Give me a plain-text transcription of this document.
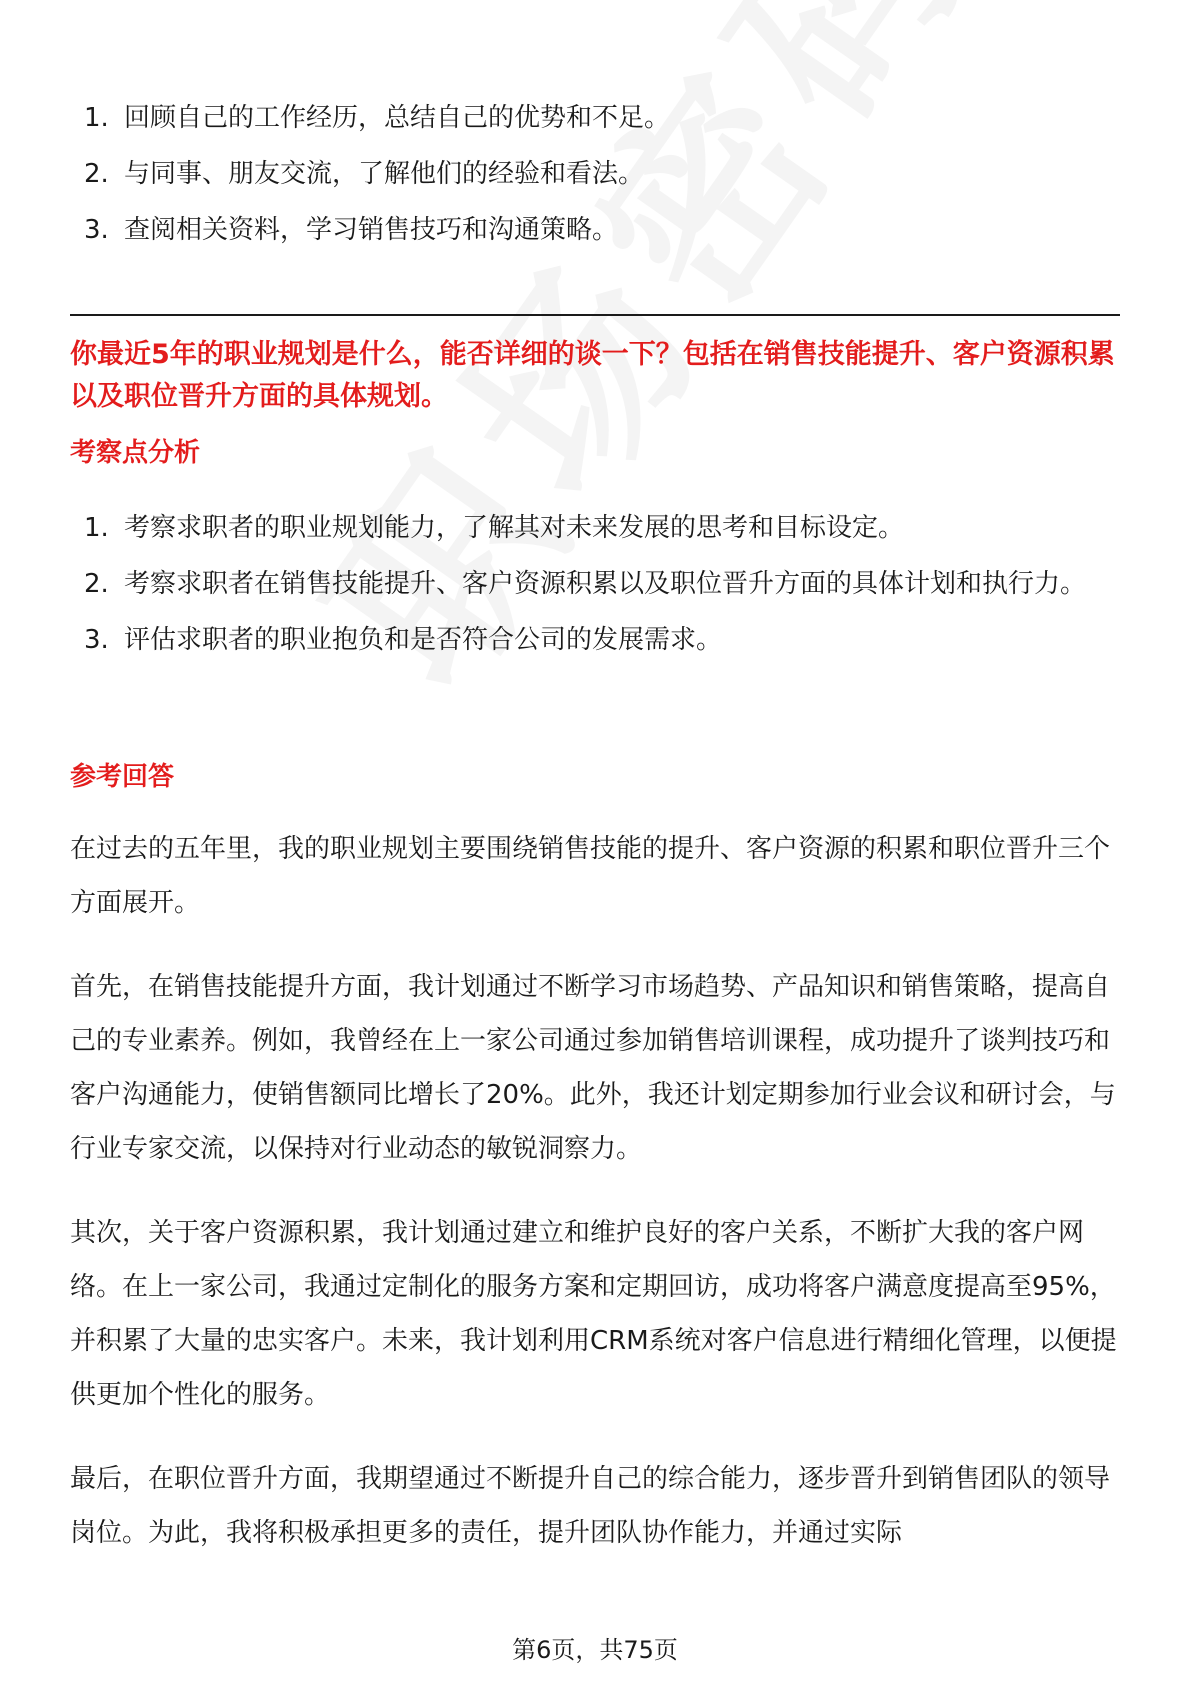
1. 回顾自己的工作经历，总结自己的优势和不足。
2. 与同事、朋友交流，了解他们的经验和看法。
3. 查阅相关资料，学习销售技巧和沟通策略。
你最近5年的职业规划是什么，能否详细的谈一下？包括在销售技能提升、客户资源积累以及职位晋升方面的具体规划。
考察点分析
1. 考察求职者的职业规划能力，了解其对未来发展的思考和目标设定。
2. 考察求职者在销售技能提升、客户资源积累以及职位晋升方面的具体计划和执行力。
3. 评估求职者的职业抱负和是否符合公司的发展需求。
参考回答

在过去的五年里，我的职业规划主要围绕销售技能的提升、客户资源的积累和职位晋升三个方面展开。

首先，在销售技能提升方面，我计划通过不断学习市场趋势、产品知识和销售策略，提高自己的专业素养。例如，我曾经在上一家公司通过参加销售培训课程，成功提升了谈判技巧和客户沟通能力，使销售额同比增长了20%。此外，我还计划定期参加行业会议和研讨会，与行业专家交流，以保持对行业动态的敏锐洞察力。

其次，关于客户资源积累，我计划通过建立和维护良好的客户关系，不断扩大我的客户网络。在上一家公司，我通过定制化的服务方案和定期回访，成功将客户满意度提高至95%，并积累了大量的忠实客户。未来，我计划利用CRM系统对客户信息进行精细化管理，以便提供更加个性化的服务。

最后，在职位晋升方面，我期望通过不断提升自己的综合能力，逐步晋升到销售团队的领导岗位。为此，我将积极承担更多的责任，提升团队协作能力，并通过实际

第6页，共75页
